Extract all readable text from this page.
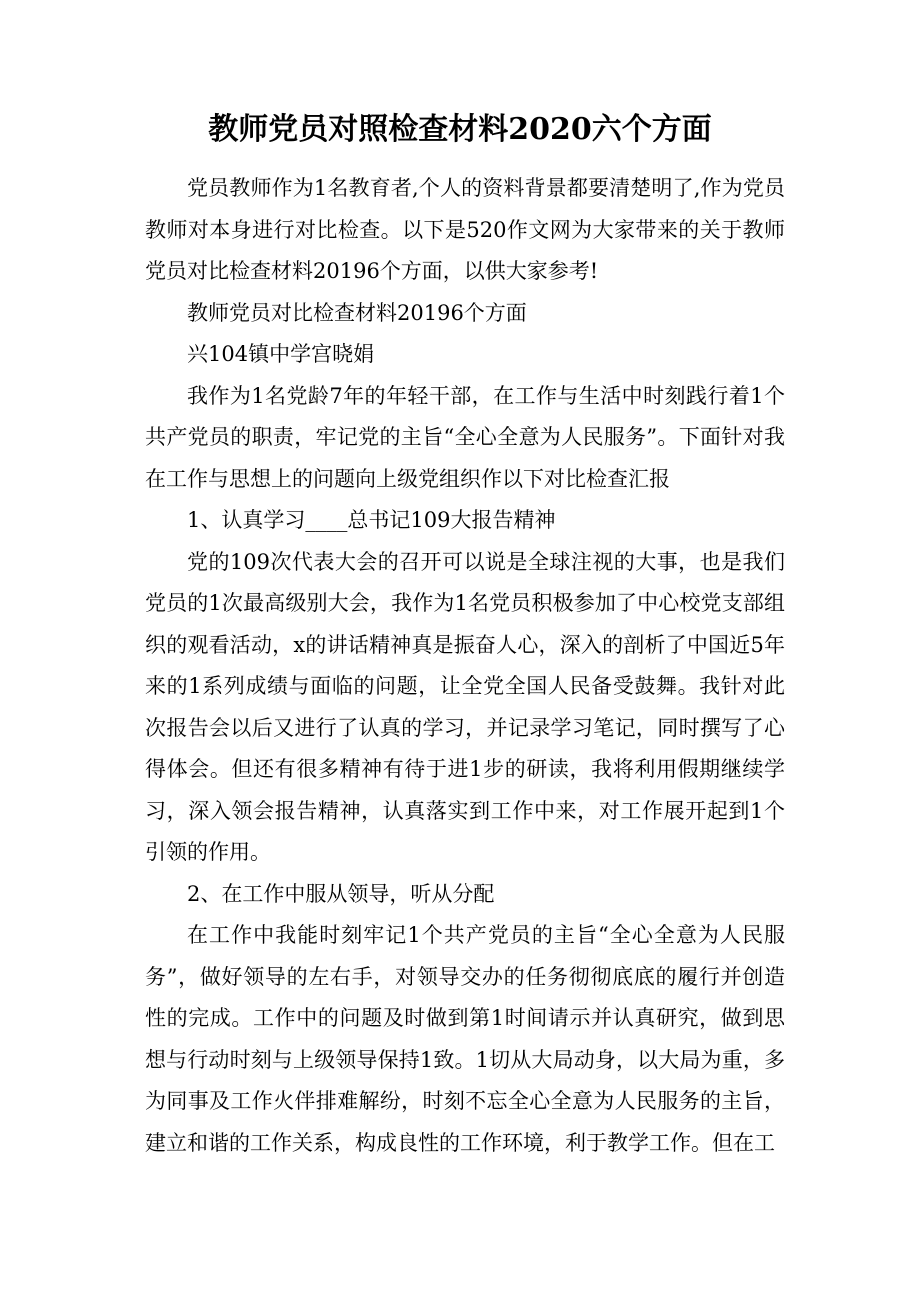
教师党员对照检查材料2020六个方面

党员教师作为1名教育者,个人的资料背景都要清楚明了,作为党员教师对本身进行对比检查。以下是520作文网为大家带来的关于教师党员对比检查材料20196个方面，以供大家参考!

教师党员对比检查材料20196个方面

兴104镇中学宫晓娟

我作为1名党龄7年的年轻干部，在工作与生活中时刻践行着1个共产党员的职责，牢记党的主旨“全心全意为人民服务”。下面针对我在工作与思想上的问题向上级党组织作以下对比检查汇报

1、认真学习____总书记109大报告精神

党的109次代表大会的召开可以说是全球注视的大事，也是我们党员的1次最高级别大会，我作为1名党员积极参加了中心校党支部组织的观看活动，x的讲话精神真是振奋人心，深入的剖析了中国近5年来的1系列成绩与面临的问题，让全党全国人民备受鼓舞。我针对此次报告会以后又进行了认真的学习，并记录学习笔记，同时撰写了心得体会。但还有很多精神有待于进1步的研读，我将利用假期继续学习，深入领会报告精神，认真落实到工作中来，对工作展开起到1个引领的作用。

2、在工作中服从领导，听从分配

在工作中我能时刻牢记1个共产党员的主旨“全心全意为人民服务”，做好领导的左右手，对领导交办的任务彻彻底底的履行并创造性的完成。工作中的问题及时做到第1时间请示并认真研究，做到思想与行动时刻与上级领导保持1致。1切从大局动身，以大局为重，多为同事及工作火伴排难解纷，时刻不忘全心全意为人民服务的主旨，建立和谐的工作关系，构成良性的工作环境，利于教学工作。但在工
